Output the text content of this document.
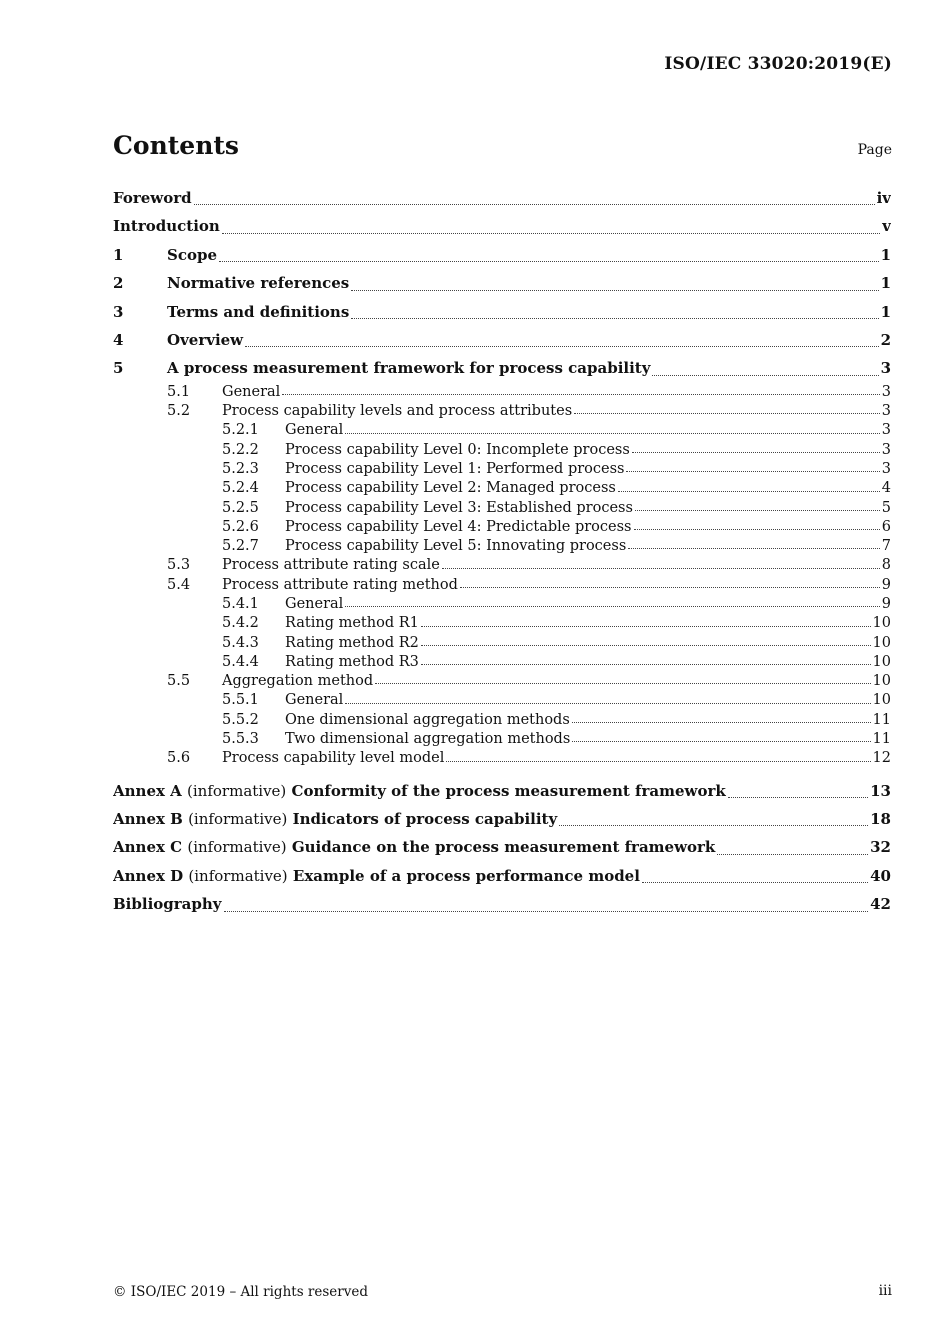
ISO/IEC 33020:2019(E)
Contents	Page
Foreword	iv
Introduction	v
1	Scope	1
2	Normative references	1
3	Terms and definitions	1
4	Overview	2
5	A process measurement framework for process capability	3
5.1	General	3
5.2	Process capability levels and process attributes	3
5.2.1	General	3
5.2.2	Process capability Level 0: Incomplete process	3
5.2.3	Process capability Level 1: Performed process	3
5.2.4	Process capability Level 2: Managed process	4
5.2.5	Process capability Level 3: Established process	5
5.2.6	Process capability Level 4: Predictable process	6
5.2.7	Process capability Level 5: Innovating process	7
5.3	Process attribute rating scale	8
5.4	Process attribute rating method	9
5.4.1	General	9
5.4.2	Rating method R1	10
5.4.3	Rating method R2	10
5.4.4	Rating method R3	10
5.5	Aggregation method	10
5.5.1	General	10
5.5.2	One dimensional aggregation methods	11
5.5.3	Two dimensional aggregation methods	11
5.6	Process capability level model	12
Annex A (informative) Conformity of the process measurement framework	13
Annex B (informative) Indicators of process capability	18
Annex C (informative) Guidance on the process measurement framework	32
Annex D (informative) Example of a process performance model	40
Bibliography	42
© ISO/IEC 2019 – All rights reserved	iii
